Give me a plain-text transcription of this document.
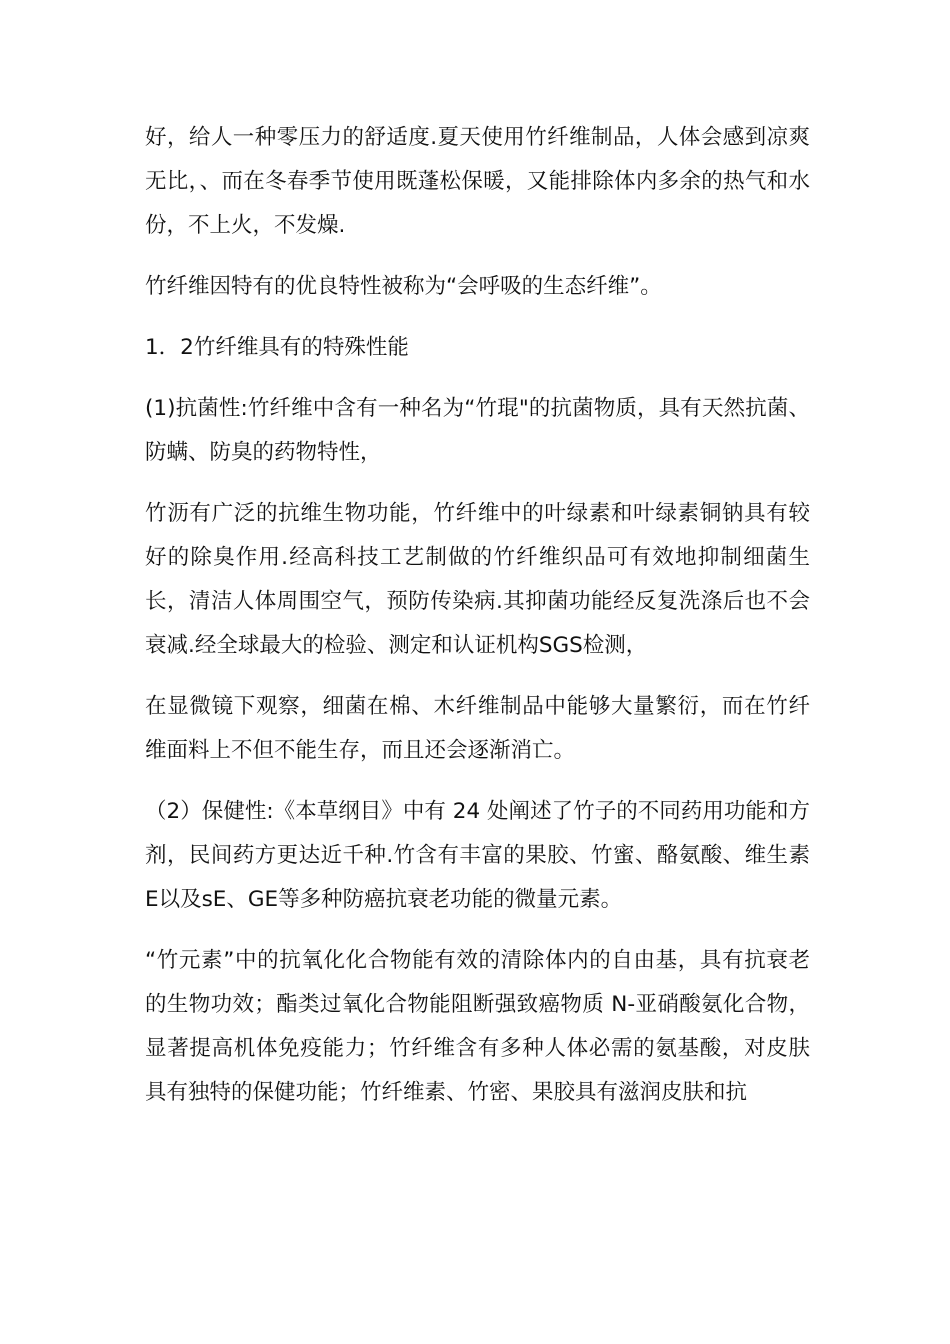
好，给人一种零压力的舒适度.夏天使用竹纤维制品，人体会感到凉爽无比，、而在冬春季节使用既蓬松保暖，又能排除体内多余的热气和水份，不上火，不发燥.

竹纤维因特有的优良特性被称为“会呼吸的生态纤维”。

1．2竹纤维具有的特殊性能

(1)抗菌性:竹纤维中含有一种名为“竹琨"的抗菌物质，具有天然抗菌、防螨、防臭的药物特性，

竹沥有广泛的抗维生物功能，竹纤维中的叶绿素和叶绿素铜钠具有较好的除臭作用.经高科技工艺制做的竹纤维织品可有效地抑制细菌生长，清洁人体周围空气，预防传染病.其抑菌功能经反复洗涤后也不会衰减.经全球最大的检验、测定和认证机构SGS检测，

在显微镜下观察，细菌在棉、木纤维制品中能够大量繁衍，而在竹纤维面料上不但不能生存，而且还会逐渐消亡。

（2）保健性:《本草纲目》中有 24 处阐述了竹子的不同药用功能和方剂，民间药方更达近千种.竹含有丰富的果胶、竹蜜、酪氨酸、维生素E以及sE、GE等多种防癌抗衰老功能的微量元素。

“竹元素”中的抗氧化化合物能有效的清除体内的自由基，具有抗衰老的生物功效；酯类过氧化合物能阻断强致癌物质 N-亚硝酸氨化合物，显著提高机体免疫能力；竹纤维含有多种人体必需的氨基酸，对皮肤具有独特的保健功能；竹纤维素、竹密、果胶具有滋润皮肤和抗
